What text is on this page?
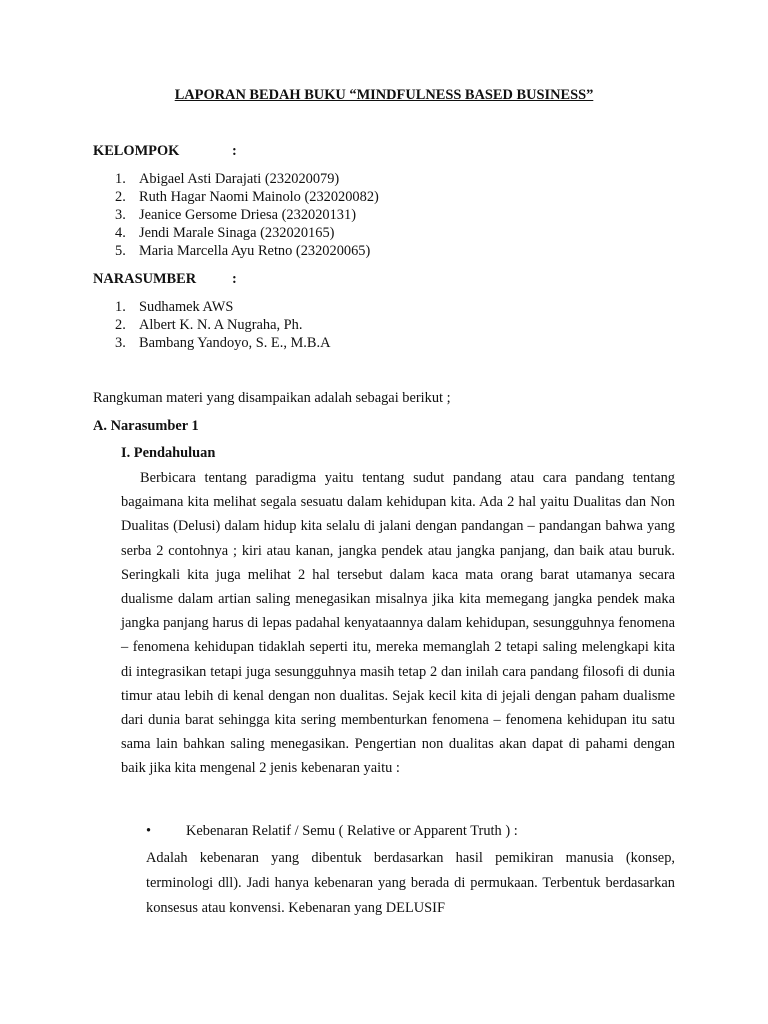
LAPORAN BEDAH BUKU “MINDFULNESS BASED BUSINESS”
KELOMPOK	:
1. Abigael Asti Darajati (232020079)
2. Ruth Hagar Naomi Mainolo (232020082)
3. Jeanice Gersome Driesa (232020131)
4. Jendi Marale Sinaga (232020165)
5. Maria Marcella Ayu Retno (232020065)
NARASUMBER :
1. Sudhamek AWS
2. Albert K. N. A Nugraha, Ph.
3. Bambang Yandoyo, S. E., M.B.A
Rangkuman materi yang disampaikan adalah sebagai berikut ;
A. Narasumber 1
I. Pendahuluan

Berbicara tentang paradigma yaitu tentang sudut pandang atau cara pandang tentang bagaimana kita melihat segala sesuatu dalam kehidupan kita. Ada 2 hal yaitu Dualitas dan Non Dualitas (Delusi) dalam hidup kita selalu di jalani dengan pandangan – pandangan bahwa yang serba 2 contohnya ; kiri atau kanan, jangka pendek atau jangka panjang, dan baik atau buruk. Seringkali kita juga melihat 2 hal tersebut dalam kaca mata orang barat utamanya secara dualisme dalam artian saling menegasikan misalnya jika kita memegang jangka pendek maka jangka panjang harus di lepas padahal kenyataannya dalam kehidupan, sesungguhnya fenomena – fenomena kehidupan tidaklah seperti itu, mereka memanglah 2 tetapi saling melengkapi kita di integrasikan tetapi juga sesungguhnya masih tetap 2 dan inilah cara pandang filosofi di dunia timur atau lebih di kenal dengan non dualitas. Sejak kecil kita di jejali dengan paham dualisme dari dunia barat sehingga kita sering membenturkan fenomena – fenomena kehidupan itu satu sama lain bahkan saling menegasikan. Pengertian non dualitas akan dapat di pahami dengan baik jika kita mengenal 2 jenis kebenaran yaitu :

• Kebenaran Relatif / Semu ( Relative or Apparent Truth ) :

Adalah kebenaran yang dibentuk berdasarkan hasil pemikiran manusia (konsep, terminologi dll). Jadi hanya kebenaran yang berada di permukaan. Terbentuk berdasarkan konsesus atau konvensi. Kebenaran yang DELUSIF
